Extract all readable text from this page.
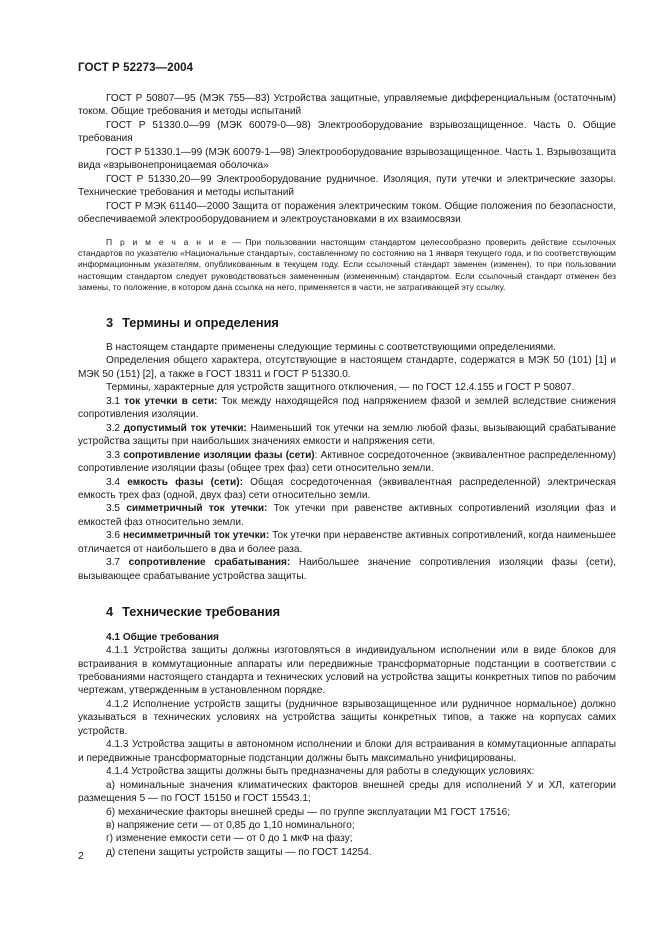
ГОСТ Р 52273—2004

ГОСТ Р 50807—95 (МЭК 755—83) Устройства защитные, управляемые дифференциальным (остаточным) током. Общие требования и методы испытаний

ГОСТ Р 51330.0—99 (МЭК 60079-0—98) Электрооборудование взрывозащищенное. Часть 0. Общие требования

ГОСТ Р 51330.1—99 (МЭК 60079-1—98) Электрооборудование взрывозащищенное. Часть 1. Взрывозащита вида «взрывонепроницаемая оболочка»

ГОСТ Р 51330.20—99 Электрооборудование рудничное. Изоляция, пути утечки и электрические зазоры. Технические требования и методы испытаний

ГОСТ Р МЭК 61140—2000 Защита от поражения электрическим током. Общие положения по безопасности, обеспечиваемой электрооборудованием и электроустановками в их взаимосвязи

П р и м е ч а н и е — При пользовании настоящим стандартом целесообразно проверить действие ссылочных стандартов по указателю «Национальные стандарты», составленному по состоянию на 1 января текущего года, и по соответствующим информационным указателям, опубликованным в текущем году. Если ссылочный стандарт заменен (изменен), то при пользовании настоящим стандартом следует руководствоваться замененным (измененным) стандартом. Если ссылочный стандарт отменен без замены, то положение, в котором дана ссылка на него, применяется в части, не затрагивающей эту ссылку.

3 Термины и определения

В настоящем стандарте применены следующие термины с соответствующими определениями.

Определения общего характера, отсутствующие в настоящем стандарте, содержатся в МЭК 50 (101) [1] и МЭК 50 (151) [2], а также в ГОСТ 18311 и ГОСТ Р 51330.0.

Термины, характерные для устройств защитного отключения, — по ГОСТ 12.4.155 и ГОСТ Р 50807.

3.1 ток утечки в сети: Ток между находящейся под напряжением фазой и землей вследствие снижения сопротивления изоляции.

3.2 допустимый ток утечки: Наименьший ток утечки на землю любой фазы, вызывающий срабатывание устройства защиты при наибольших значениях емкости и напряжения сети.

3.3 сопротивление изоляции фазы (сети): Активное сосредоточенное (эквивалентное распределенному) сопротивление изоляции фазы (общее трех фаз) сети относительно земли.

3.4 емкость фазы (сети): Общая сосредоточенная (эквивалентная распределенной) электрическая емкость трех фаз (одной, двух фаз) сети относительно земли.

3.5 симметричный ток утечки: Ток утечки при равенстве активных сопротивлений изоляции фаз и емкостей фаз относительно земли.

3.6 несимметричный ток утечки: Ток утечки при неравенстве активных сопротивлений, когда наименьшее отличается от наибольшего в два и более раза.

3.7 сопротивление срабатывания: Наибольшее значение сопротивления изоляции фазы (сети), вызывающее срабатывание устройства защиты.

4 Технические требования

4.1 Общие требования

4.1.1 Устройства защиты должны изготовляться в индивидуальном исполнении или в виде блоков для встраивания в коммутационные аппараты или передвижные трансформаторные подстанции в соответствии с требованиями настоящего стандарта и технических условий на устройства защиты конкретных типов по рабочим чертежам, утвержденным в установленном порядке.

4.1.2 Исполнение устройств защиты (рудничное взрывозащищенное или рудничное нормальное) должно указываться в технических условиях на устройства защиты конкретных типов, а также на корпусах самих устройств.

4.1.3 Устройства защиты в автономном исполнении и блоки для встраивания в коммутационные аппараты и передвижные трансформаторные подстанции должны быть максимально унифицированы.

4.1.4 Устройства защиты должны быть предназначены для работы в следующих условиях:

а) номинальные значения климатических факторов внешней среды для исполнений У и ХЛ, категории размещения 5 — по ГОСТ 15150 и ГОСТ 15543.1;

б) механические факторы внешней среды — по группе эксплуатации М1 ГОСТ 17516;

в) напряжение сети — от 0,85 до 1,10 номинального;

г) изменение емкости сети — от 0 до 1 мкФ на фазу;

д) степени защиты устройств защиты — по ГОСТ 14254.

2
